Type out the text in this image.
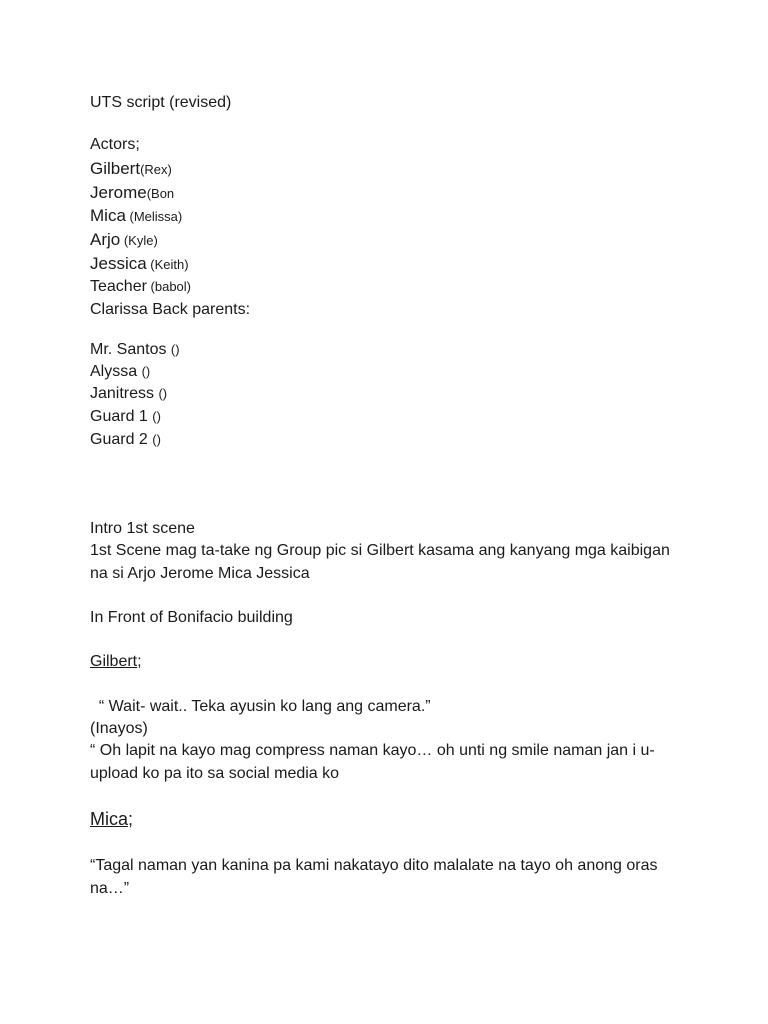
UTS script (revised)
Actors;
Gilbert(Rex)
Jerome(Bon
Mica (Melissa)
Arjo (Kyle)
Jessica (Keith)
Teacher (babol)
Clarissa Back parents:
Mr. Santos ()
Alyssa ()
Janitress ()
Guard 1 ()
Guard 2 ()
Intro 1st scene
1st Scene mag ta-take ng Group pic si Gilbert kasama ang kanyang mga kaibigan na si Arjo Jerome Mica Jessica
In Front of Bonifacio building
Gilbert;
“ Wait- wait.. Teka ayusin ko lang ang camera.”
(Inayos)
“ Oh lapit na kayo mag compress naman kayo… oh unti ng smile naman jan i u-upload ko pa ito sa social media ko
Mica;
“Tagal naman yan kanina pa kami nakatayo dito malalate na tayo oh anong oras na…”
